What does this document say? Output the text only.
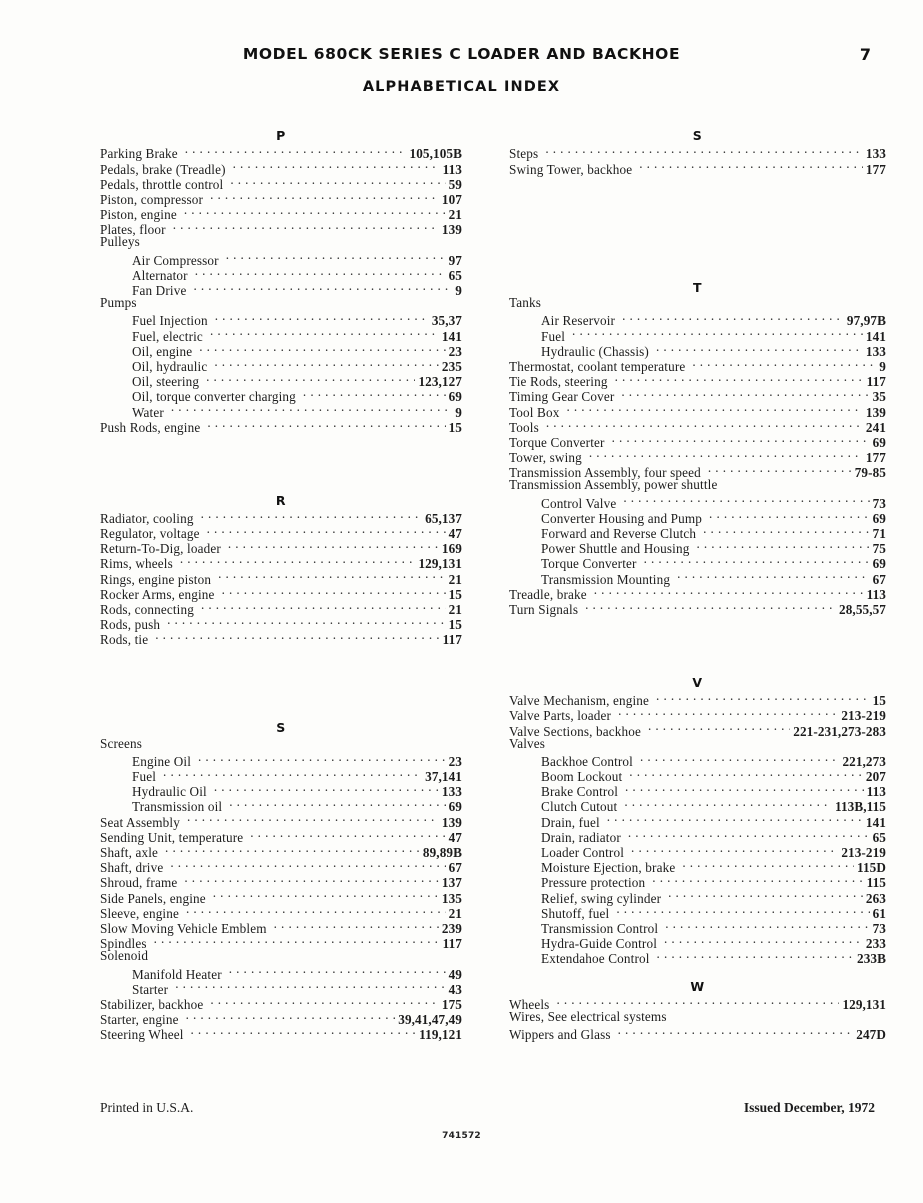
MODEL 680CK SERIES C LOADER AND BACKHOE	7
ALPHABETICAL INDEX
P
Parking Brake . . .	105,105B
Pedals, brake (Treadle) . . .	113
Pedals, throttle control . . .	59
Piston, compressor . . .	107
Piston, engine . . .	21
Plates, floor . . .	139
Pulleys
Air Compressor . . .	97
Alternator . . .	65
Fan Drive . . .	9
Pumps
Fuel Injection . . .	35,37
Fuel, electric . . .	141
Oil, engine . . .	23
Oil, hydraulic . . .	235
Oil, steering . . .	123,127
Oil, torque converter charging . . .	69
Water . . .	9
Push Rods, engine . . .	15
R
Radiator, cooling . . .	65,137
Regulator, voltage . . .	47
Return-To-Dig, loader . . .	169
Rims, wheels . . .	129,131
Rings, engine piston . . .	21
Rocker Arms, engine . . .	15
Rods, connecting . . .	21
Rods, push . . .	15
Rods, tie . . .	117
S
Screens
Engine Oil . . .	23
Fuel . . .	37,141
Hydraulic Oil . . .	133
Transmission oil . . .	69
Seat Assembly . . .	139
Sending Unit, temperature . . .	47
Shaft, axle . . .	89,89B
Shaft, drive . . .	67
Shroud, frame . . .	137
Side Panels, engine . . .	135
Sleeve, engine . . .	21
Slow Moving Vehicle Emblem . . .	239
Spindles . . .	117
Solenoid
Manifold Heater . . .	49
Starter . . .	43
Stabilizer, backhoe . . .	175
Starter, engine . . .	39,41,47,49
Steering Wheel . . .	119,121
S
Steps . . .	133
Swing Tower, backhoe . . .	177
T
Tanks
Air Reservoir . . .	97,97B
Fuel . . .	141
Hydraulic (Chassis) . . .	133
Thermostat, coolant temperature . . .	9
Tie Rods, steering . . .	117
Timing Gear Cover . . .	35
Tool Box . . .	139
Tools . . .	241
Torque Converter . . .	69
Tower, swing . . .	177
Transmission Assembly, four speed . . .	79-85
Transmission Assembly, power shuttle
Control Valve . . .	73
Converter Housing and Pump . . .	69
Forward and Reverse Clutch . . .	71
Power Shuttle and Housing . . .	75
Torque Converter . . .	69
Transmission Mounting . . .	67
Treadle, brake . . .	113
Turn Signals . . .	28,55,57
V
Valve Mechanism, engine . . .	15
Valve Parts, loader . . .	213-219
Valve Sections, backhoe . . .	221-231,273-283
Valves
Backhoe Control . . .	221,273
Boom Lockout . . .	207
Brake Control . . .	113
Clutch Cutout . . .	113B,115
Drain, fuel . . .	141
Drain, radiator . . .	65
Loader Control . . .	213-219
Moisture Ejection, brake . . .	115D
Pressure protection . . .	115
Relief, swing cylinder . . .	263
Shutoff, fuel . . .	61
Transmission Control . . .	73
Hydra-Guide Control . . .	233
Extendahoe Control . . .	233B
W
Wheels . . .	129,131
Wires, See electrical systems
Wippers and Glass . . .	247D
Printed in U.S.A.	Issued December, 1972
741572
